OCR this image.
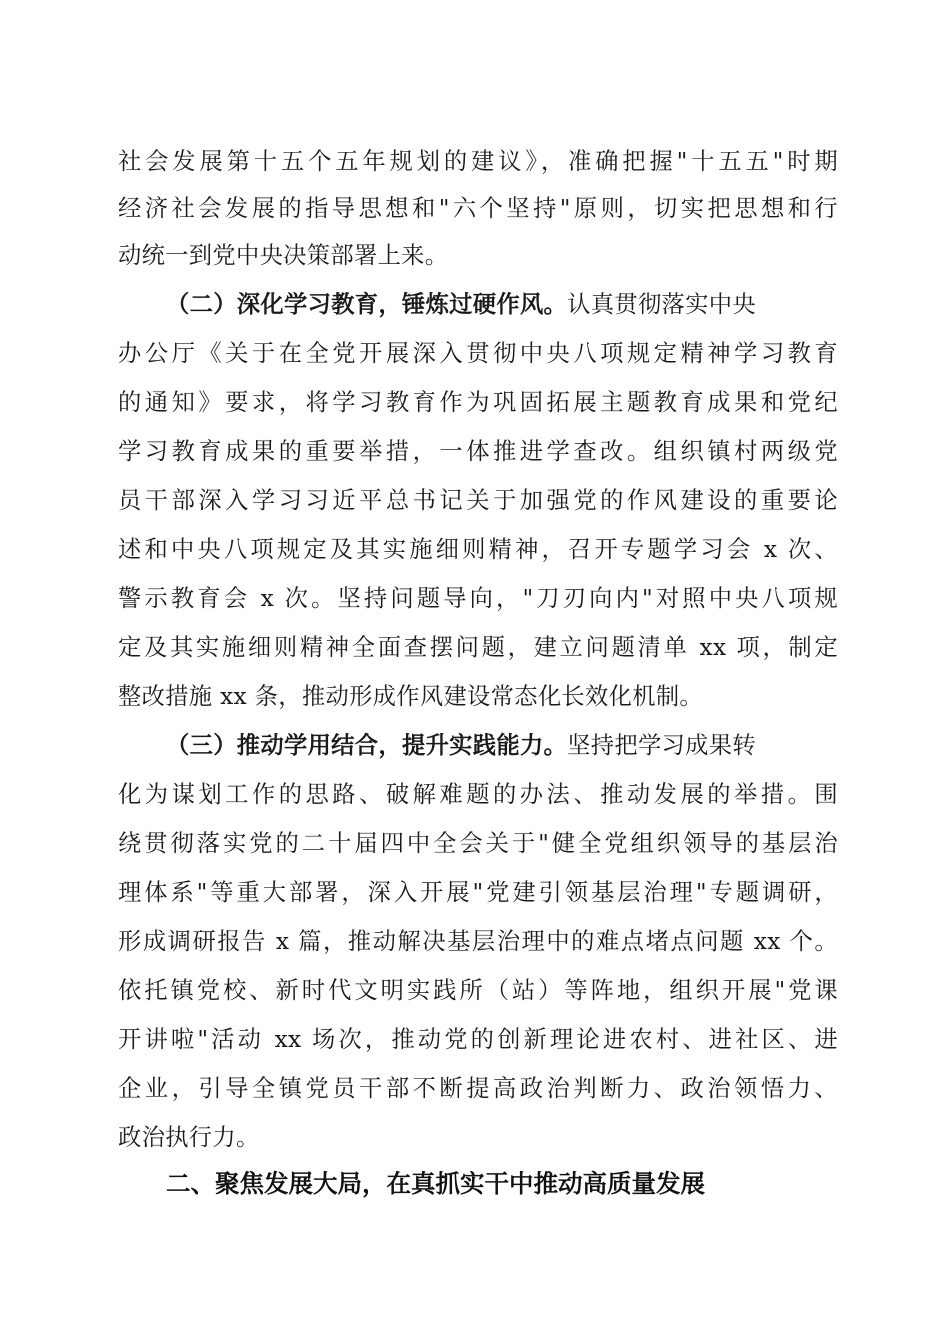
社会发展第十五个五年规划的建议》，准确把握"十五五"时期
经济社会发展的指导思想和"六个坚持"原则，切实把思想和行
动统一到党中央决策部署上来。
（二）深化学习教育，锤炼过硬作风。认真贯彻落实中央
办公厅《关于在全党开展深入贯彻中央八项规定精神学习教育
的通知》要求，将学习教育作为巩固拓展主题教育成果和党纪
学习教育成果的重要举措，一体推进学查改。组织镇村两级党
员干部深入学习习近平总书记关于加强党的作风建设的重要论
述和中央八项规定及其实施细则精神，召开专题学习会 x 次、
警示教育会 x 次。坚持问题导向，"刀刃向内"对照中央八项规
定及其实施细则精神全面查摆问题，建立问题清单 xx 项，制定
整改措施 xx 条，推动形成作风建设常态化长效化机制。
（三）推动学用结合，提升实践能力。坚持把学习成果转
化为谋划工作的思路、破解难题的办法、推动发展的举措。围
绕贯彻落实党的二十届四中全会关于"健全党组织领导的基层治
理体系"等重大部署，深入开展"党建引领基层治理"专题调研，
形成调研报告 x 篇，推动解决基层治理中的难点堵点问题 xx 个。
依托镇党校、新时代文明实践所（站）等阵地，组织开展"党课
开讲啦"活动 xx 场次，推动党的创新理论进农村、进社区、进
企业，引导全镇党员干部不断提高政治判断力、政治领悟力、
政治执行力。
二、聚焦发展大局，在真抓实干中推动高质量发展
